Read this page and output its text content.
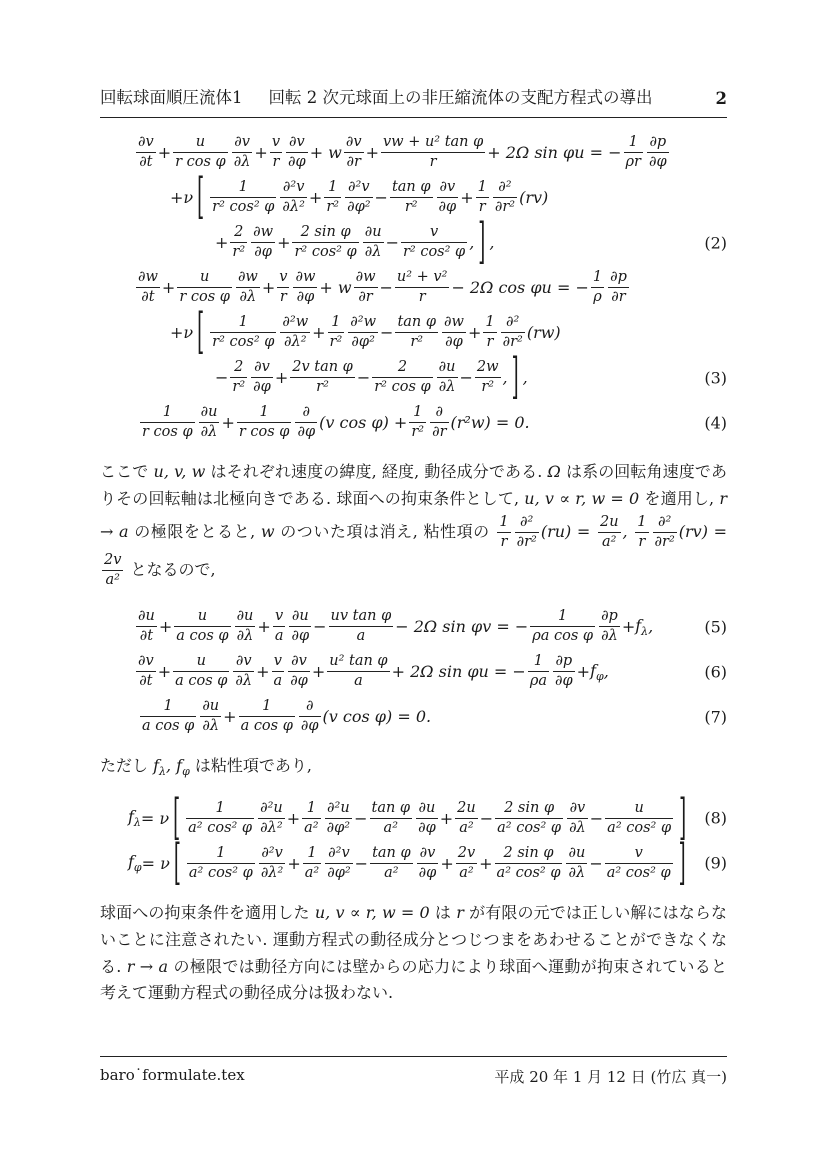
回転球面順圧流体1 回転 2 次元球面上の非圧縮流体の支配方程式の導出	2
$\frac{\partial v}{\partial t} + \frac{u}{\text{r cos φ}} \frac{\partial v}{\partial\lambda} + \frac{v}{r} \frac{\partial v}{\partial\varphi} + w \frac{\partial v}{\partial r} + \frac{\text{vw + u² tan φ}}{r} + 2\Omega$ sin φu = − $\frac{1}{\rho r} \frac{\partial p}{\partial\varphi}$
+ν [ $\frac{1}{\text{r² cos² φ}} \frac{\text{∂²v}}{\text{∂λ²}} + \frac{1}{\text{r²}} \frac{\text{∂²v}}{\text{∂φ²}} - \frac{\text{tan φ}}{\text{r²}} \frac{\partial v}{\partial\varphi} + \frac{1}{r} \frac{\text{∂²}}{\text{∂r²}} (rv)$
+ $\frac{2}{\text{r²}} \frac{\partial w}{\partial\varphi} + \frac{\text{2 sin φ}}{\text{r² cos² φ}} \frac{\partial u}{\partial\lambda} - \frac{v}{\text{r² cos² φ}}$ , ] ,	(2)
$\frac{\partial w}{\partial t} + \frac{u}{\text{r cos φ}} \frac{\partial w}{\partial\lambda} + \frac{v}{r} \frac{\partial w}{\partial\varphi} + w \frac{\partial w}{\partial r} - \frac{\text{u² + v²}}{r} - 2\Omega$ cos φu = − $\frac{1}{\rho} \frac{\partial p}{\partial r}$
+ν [ $\frac{1}{\text{r² cos² φ}} \frac{\text{∂²w}}{\text{∂λ²}} + \frac{1}{\text{r²}} \frac{\text{∂²w}}{\text{∂φ²}} - \frac{\text{tan φ}}{\text{r²}} \frac{\partial w}{\partial\varphi} + \frac{1}{r} \frac{\text{∂²}}{\text{∂r²}} (rw)$
− $\frac{2}{\text{r²}} \frac{\partial v}{\partial\varphi} + \frac{\text{2v tan φ}}{\text{r²}} - \frac{2}{\text{r² cos φ}} \frac{\partial u}{\partial\lambda} - \frac{2w}{\text{r²}}$ , ] ,	(3)
$\frac{1}{\text{r cos φ}} \frac{\partial u}{\partial\lambda} + \frac{1}{\text{r cos φ}} \frac{\partial}{\partial\varphi} (v$ $\cos \varphi) + \frac{1}{\text{r²}} \frac{\partial}{\partial r} (r^2w) = 0$.	(4)
ここで u, v, w はそれぞれ速度の緯度, 経度, 動径成分である. Ω は系の回転角速度でありその回転軸は北極向きである. 球面への拘束条件として, u, v ∝ r, w = 0 を適用し, r → a の極限をとると, w のついた項は消え, 粘性項の $\frac{1}{r} \frac{\text{∂²}}{\text{∂r²}} (ru) = \frac{2u}{\text{a²}}$ , $\frac{1}{r} \frac{\text{∂²}}{\text{∂r²}} (rv)$ =
$\frac{2v}{\text{a²}}$ となるので,
$\frac{\partial u}{\partial t} + \frac{u}{\text{a cos φ}} \frac{\partial u}{\partial\lambda} + \frac{v}{a} \frac{\partial u}{\partial\varphi} - \frac{\text{uv tan φ}}{a} - 2\Omega$ sin φv = − $\frac{1}{\text{ρa cos φ}} \frac{\partial p}{\partial\lambda} + f_\lambda$ ,	(5)
$\frac{\partial v}{\partial t} + \frac{u}{\text{a cos φ}} \frac{\partial v}{\partial\lambda} + \frac{v}{a} \frac{\partial v}{\partial\varphi} + \frac{\text{u² tan φ}}{a} + 2\Omega$ sin φu = − $\frac{1}{\rho a} \frac{\partial p}{\partial\varphi} + f_\varphi$ ,	(6)
$\frac{1}{\text{a cos φ}} \frac{\partial u}{\partial\lambda} + \frac{1}{\text{a cos φ}} \frac{\partial}{\partial\varphi} (v$ cos φ) = 0.	(7)
ただし $f_\lambda$, $f_\varphi$ は粘性項であり,
$f_\lambda = \nu$ [ $\frac{1}{\text{a² cos² φ}} \frac{\text{∂²u}}{\text{∂λ²}} + \frac{1}{\text{a²}} \frac{\text{∂²u}}{\text{∂φ²}} - \frac{\text{tan φ}}{\text{a²}} \frac{\partial u}{\partial\varphi} + \frac{2u}{\text{a²}} - \frac{\text{2 sin φ}}{\text{a² cos² φ}} \frac{\partial v}{\partial\lambda} - \frac{u}{\text{a² cos² φ}}$ ] (8)
$f_\varphi = \nu$ [ $\frac{1}{\text{a² cos² φ}} \frac{\text{∂²v}}{\text{∂λ²}} + \frac{1}{\text{a²}} \frac{\text{∂²v}}{\text{∂φ²}} - \frac{\text{tan φ}}{\text{a²}} \frac{\partial v}{\partial\varphi} + \frac{2v}{\text{a²}} + \frac{\text{2 sin φ}}{\text{a² cos² φ}} \frac{\partial u}{\partial\lambda} - \frac{v}{\text{a² cos² φ}}$ ] (9)
球面への拘束条件を適用した u, v ∝ r, w = 0 は r が有限の元では正しい解にはならないことに注意されたい. 運動方程式の動径成分とつじつまをあわせることができなくなる. r → a の極限では動径方向には壁からの応力により球面へ運動が拘束されていると考えて運動方程式の動径成分は扱わない.
baro˙formulate.tex	平成 20 年 1 月 12 日 (竹広 真一)
